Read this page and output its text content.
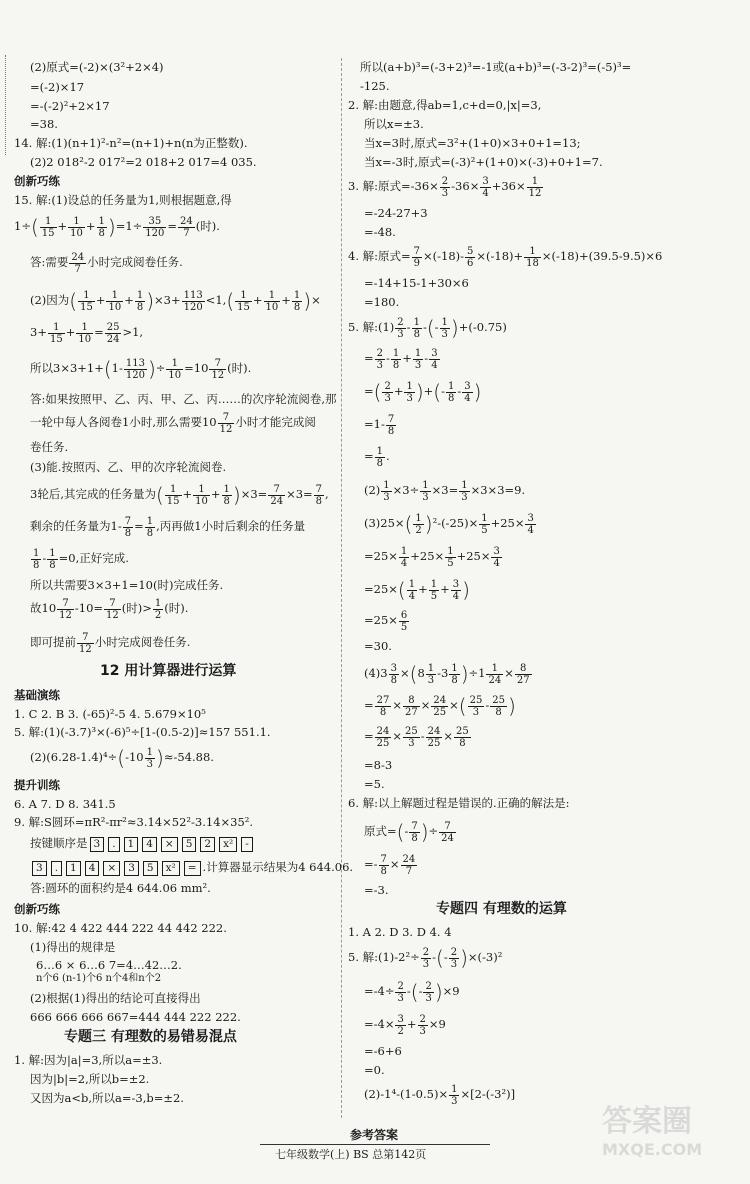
(2)原式=(-2)×(3²+2×4)
=(-2)×17
=-(-2)²+2×17
=38.
14. 解:(1)(n+1)²-n²=(n+1)+n(n为正整数).
(2)2 018²-2 017²=2 018+2 017=4 035.
创新巧练
15. 解:(1)设总的任务量为1,则根据题意,得
$1\div( \frac{1}{15} + \frac{1}{10} + \frac{1}{8} )=1\div \frac{35}{120} = \frac{24}{7}$ (时).
答:需要 $\frac{24}{7}$ 小时完成阅卷任务.
(2)因为( $\frac{1}{15} + \frac{1}{10} + \frac{1}{8} )\times 3+ \frac{113}{120} <1,( \frac{1}{15} + \frac{1}{10} + \frac{1}{8}$ )×
$3+ \frac{1}{15} + \frac{1}{10} = \frac{25}{24} >1$,
所以$3\times 3+1+(1- \frac{113}{120}$ )÷ $\frac{1}{10} =10 \frac{7}{12}$ (时).
答:如果按照甲、乙、丙、甲、乙、丙……的次序轮流阅卷,那
一轮中每人各阅卷1小时,那么需要$10 \frac{7}{12}$ 小时才能完成阅
卷任务.
(3)能.按照丙、乙、甲的次序轮流阅卷.
3轮后,其完成的任务量为( $\frac{1}{15} + \frac{1}{10} + \frac{1}{8} )\times 3= \frac{7}{24} \times 3= \frac{7}{8}$ ,
剩余的任务量为$1- \frac{7}{8} = \frac{1}{8}$ ,丙再做1小时后剩余的任务量
$\frac{1}{8} - \frac{1}{8} =0$,正好完成.
所以共需要3×3+1=10(时)完成任务.
故$10 \frac{7}{12} -10= \frac{7}{12}$ (时)> $\frac{1}{2}$ (时).
即可提前 $\frac{7}{12}$ 小时完成阅卷任务.
12 用计算器进行运算
基础演练
1. C 2. B 3. (-65)²-5 4. 5.679×10⁵
5. 解:(1)(-3.7)³×(-6)⁵÷[1-(0.5-2)]≈157 551.1.
$(2)(6.28-1.4)^4\div(-10 \frac{1}{3} )\approx-54.88$.
提升训练
6. A 7. D 8. 341.5
9. 解:S圆环=πR²-πr²≈3.14×52²-3.14×35².
按键顺序是 3 . 1 4 × 5 2 x² -
3 . 1 4 × 3 5 x² = .计算器显示结果为4 644.06.
答:圆环的面积约是4 644.06 mm².
创新巧练
10. 解:42 4 422 444 222 44 442 222.
(1)得出的规律是
6…6 × 6…6 7=4…42…2.
n个6 (n-1)个6 n个4和n个2
(2)根据(1)得出的结论可直接得出
666 666 666 667=444 444 222 222.
专题三 有理数的易错易混点
1. 解:因为|a|=3,所以a=±3.
因为|b|=2,所以b=±2.
又因为a<b,所以a=-3,b=±2.
所以(a+b)³=(-3+2)³=-1或(a+b)³=(-3-2)³=(-5)³=
-125.
2. 解:由题意,得ab=1,c+d=0,|x|=3,
所以x=±3.
当x=3时,原式=3²+(1+0)×3+0+1=13;
当x=-3时,原式=(-3)²+(1+0)×(-3)+0+1=7.
3. 解:原式$=-36\times \frac{2}{3} -36\times \frac{3}{4} +36\times \frac{1}{12}$
=-24-27+3
=-48.
4. 解:原式= $\frac{7}{9} \times(-18)- \frac{5}{6} \times(-18)+ \frac{1}{18} \times(-18)+(39.5-9.5)\times 6$
=-14+15-1+30×6
=180.
5. 解:(1) $\frac{2}{3} - \frac{1}{8}$ -(- $\frac{1}{3} )+(-0.75)$
= $\frac{2}{3} - \frac{1}{8} + \frac{1}{3} - \frac{3}{4}$
=( $\frac{2}{3} + \frac{1}{3}$ )+(- $\frac{1}{8} - \frac{3}{4}$ )
$=1- \frac{7}{8}$
= $\frac{1}{8}$ .
$(2) \frac{1}{3} \times 3\div \frac{1}{3} \times 3= \frac{1}{3} \times 3\times 3=9$.
$(3)25\times( \frac{1}{2} )^2-(-25)\times \frac{1}{5} +25\times \frac{3}{4}$
$=25\times \frac{1}{4} +25\times \frac{1}{5} +25\times \frac{3}{4}$
$=25\times( \frac{1}{4} + \frac{1}{5} + \frac{3}{4}$ )
$=25\times \frac{6}{5}$
=30.
$(4)3 \frac{3}{8} \times(8 \frac{1}{3} -3 \frac{1}{8} )\div 1 \frac{1}{24} \times \frac{8}{27}$
= $\frac{27}{8} \times \frac{8}{27} \times \frac{24}{25}$ ×( $\frac{25}{3} - \frac{25}{8}$ )
= $\frac{24}{25} \times \frac{25}{3} - \frac{24}{25} \times \frac{25}{8}$
=8-3
=5.
6. 解:以上解题过程是错误的.正确的解法是:
原式=(- $\frac{7}{8}$ )÷ $\frac{7}{24}$
=- $\frac{7}{8} \times \frac{24}{7}$
=-3.
专题四 有理数的运算
1. A 2. D 3. D 4. 4
5. 解:(1)-2²÷ $\frac{2}{3}$ -(- $\frac{2}{3} )\times(-3)^2$
$=-4\div \frac{2}{3}$ -(- $\frac{2}{3} )\times 9$
$=-4\times \frac{3}{2} + \frac{2}{3} \times 9$
=-6+6
=0.
$(2)-1^4-(1-0.5)\times \frac{1}{3} \times[2-(-3^2)]$
参考答案
七年级数学(上) BS 总第142页
答案圈
MXQE.COM
